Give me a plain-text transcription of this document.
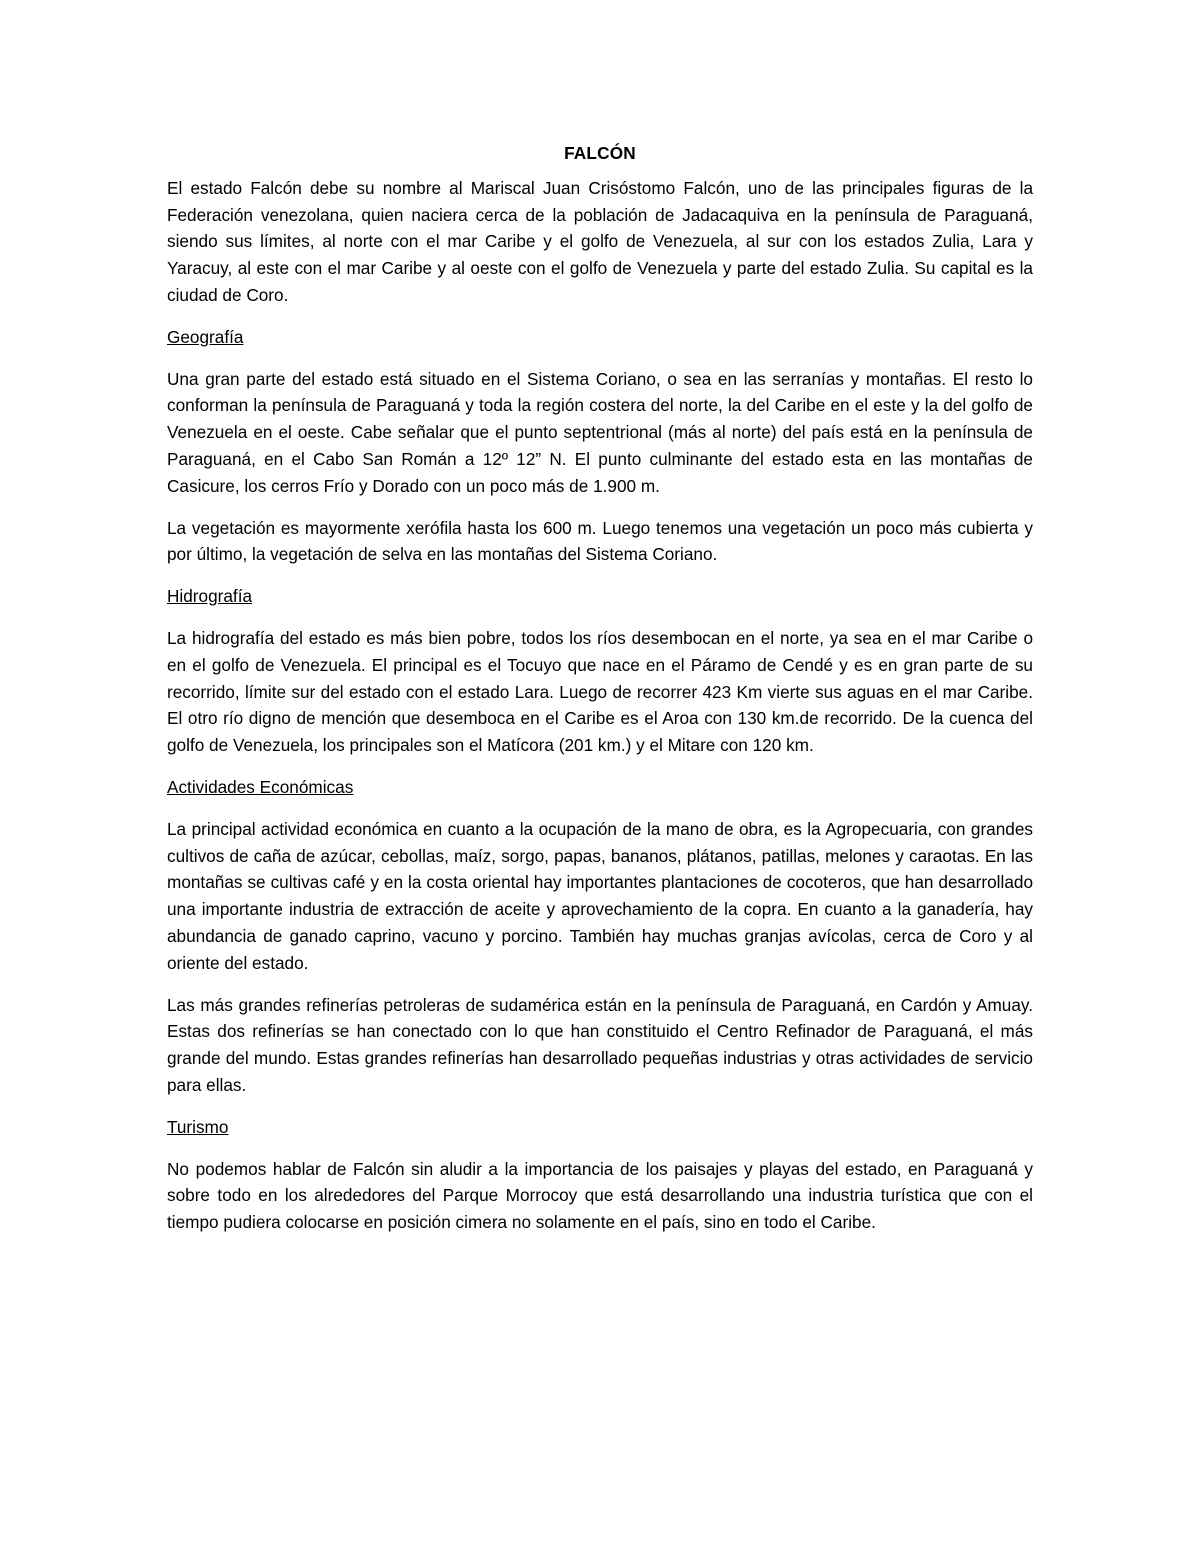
FALCÓN

El estado Falcón debe su nombre al Mariscal Juan Crisóstomo Falcón, uno de las principales figuras de la Federación venezolana, quien naciera cerca de la población de Jadacaquiva en la península de Paraguaná, siendo sus límites, al norte con el mar Caribe y el golfo de Venezuela, al sur con los estados Zulia, Lara y Yaracuy, al este con el mar Caribe y al oeste con el golfo de Venezuela y parte del estado Zulia. Su capital es la ciudad de Coro.

Geografía

Una gran parte del estado está situado en el Sistema Coriano, o sea en las serranías y montañas. El resto lo conforman la península de Paraguaná y toda la región costera del norte, la del Caribe en el este y la del golfo de Venezuela en el oeste. Cabe señalar que el punto septentrional (más al norte) del país está en la península de Paraguaná, en el Cabo San Román a 12º 12” N. El punto culminante del estado esta en las montañas de Casicure, los cerros Frío y Dorado con un poco más de 1.900 m.

La vegetación es mayormente xerófila hasta los 600 m. Luego tenemos una vegetación un poco más cubierta y por último, la vegetación de selva en las montañas del Sistema Coriano.

Hidrografía

La hidrografía del estado es más bien pobre, todos los ríos desembocan en el norte, ya sea en el mar Caribe o en el golfo de Venezuela. El principal es el Tocuyo que nace en el Páramo de Cendé y es en gran parte de su recorrido, límite sur del estado con el estado Lara. Luego de recorrer 423 Km vierte sus aguas en el mar Caribe. El otro río digno de mención que desemboca en el Caribe es el Aroa con 130 km.de recorrido. De la cuenca del golfo de Venezuela, los principales son el Matícora (201 km.) y el Mitare con 120 km.

Actividades Económicas

La principal actividad económica en cuanto a la ocupación de la mano de obra, es la Agropecuaria, con grandes cultivos de caña de azúcar, cebollas, maíz, sorgo, papas, bananos, plátanos, patillas, melones y caraotas. En las montañas se cultivas café y en la costa oriental hay importantes plantaciones de cocoteros, que han desarrollado una importante industria de extracción de aceite y aprovechamiento de la copra. En cuanto a la ganadería, hay abundancia de ganado caprino, vacuno y porcino. También hay muchas granjas avícolas, cerca de Coro y al oriente del estado.

Las más grandes refinerías petroleras de sudamérica están en la península de Paraguaná, en Cardón y Amuay. Estas dos refinerías se han conectado con lo que han constituido el Centro Refinador de Paraguaná, el más grande del mundo. Estas grandes refinerías han desarrollado pequeñas industrias y otras actividades de servicio para ellas.

Turismo

No podemos hablar de Falcón sin aludir a la importancia de los paisajes y playas del estado, en Paraguaná y sobre todo en los alrededores del Parque Morrocoy que está desarrollando una industria turística que con el tiempo pudiera colocarse en posición cimera no solamente en el país, sino en todo el Caribe.
